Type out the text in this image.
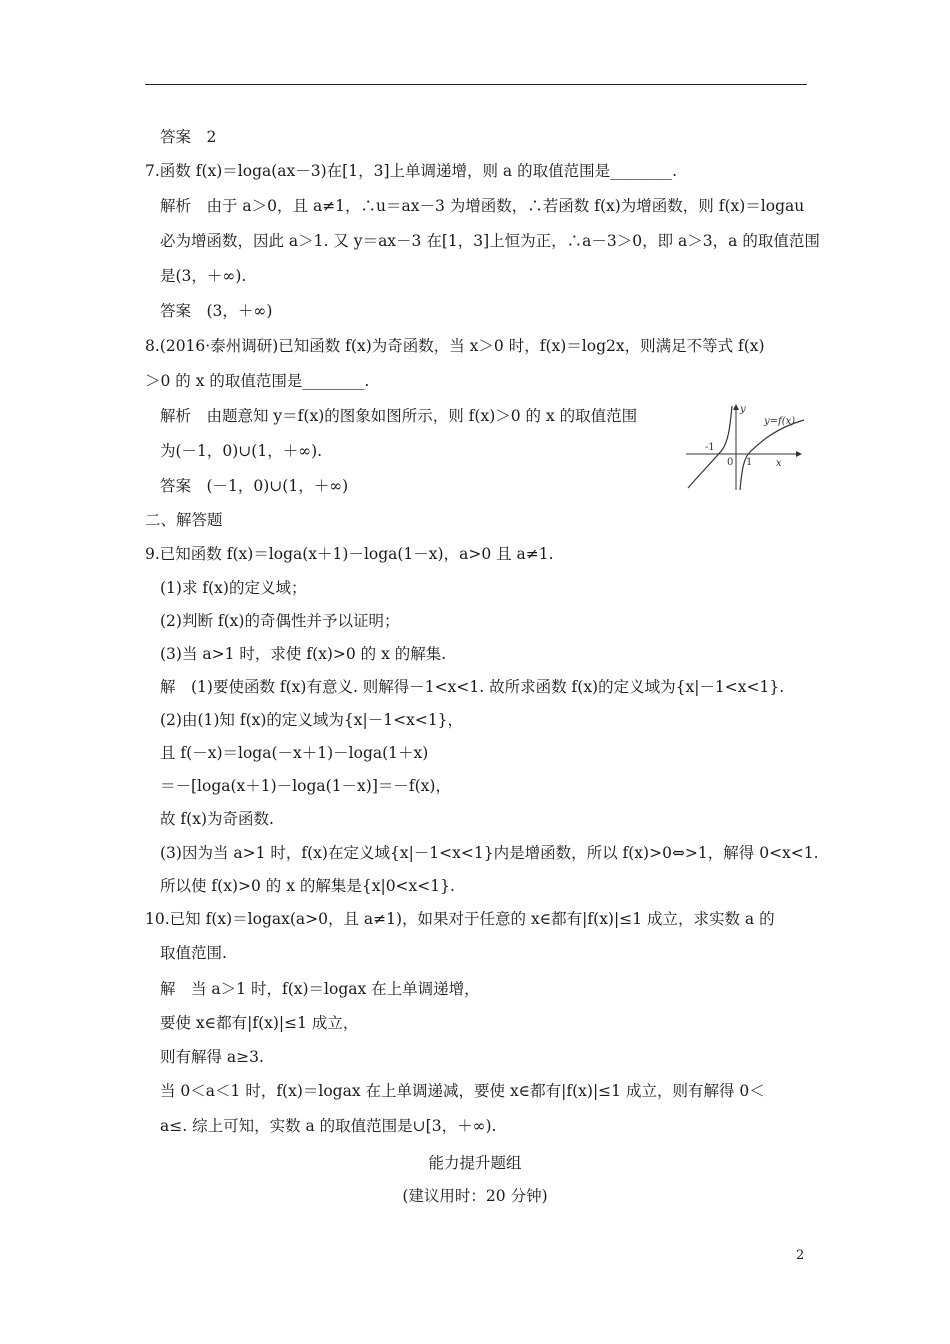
答案　2
7.函数 f(x)＝loga(ax－3)在[1，3]上单调递增，则 a 的取值范围是________.
解析　由于 a＞0，且 a≠1，∴u＝ax－3 为增函数，∴若函数 f(x)为增函数，则 f(x)＝logau
必为增函数，因此 a＞1. 又 y＝ax－3 在[1，3]上恒为正，∴a－3＞0，即 a＞3，a 的取值范围
是(3，＋∞).
答案　(3，＋∞)
8.(2016·泰州调研)已知函数 f(x)为奇函数，当 x＞0 时，f(x)＝log2x，则满足不等式 f(x)
＞0 的 x 的取值范围是________.
解析　由题意知 y＝f(x)的图象如图所示，则 f(x)＞0 的 x 的取值范围
为(－1，0)∪(1，＋∞).
答案　(－1，0)∪(1，＋∞)
二、解答题
9.已知函数 f(x)＝loga(x＋1)－loga(1－x)，a>0 且 a≠1.
(1)求 f(x)的定义域；
(2)判断 f(x)的奇偶性并予以证明；
(3)当 a>1 时，求使 f(x)>0 的 x 的解集.
解　(1)要使函数 f(x)有意义. 则解得－1<x<1. 故所求函数 f(x)的定义域为{x|－1<x<1}.
(2)由(1)知 f(x)的定义域为{x|－1<x<1}，
且 f(－x)＝loga(－x＋1)－loga(1＋x)
＝－[loga(x＋1)－loga(1－x)]＝－f(x)，
故 f(x)为奇函数.
(3)因为当 a>1 时，f(x)在定义域{x|－1<x<1}内是增函数，所以 f(x)>0⇔>1，解得 0<x<1.
所以使 f(x)>0 的 x 的解集是{x|0<x<1}.
10.已知 f(x)＝logax(a>0，且 a≠1)，如果对于任意的 x∈都有|f(x)|≤1 成立，求实数 a 的
取值范围.
解　当 a＞1 时，f(x)＝logax 在上单调递增，
要使 x∈都有|f(x)|≤1 成立，
则有解得 a≥3.
当 0＜a＜1 时，f(x)＝logax 在上单调递减，要使 x∈都有|f(x)|≤1 成立，则有解得 0＜
a≤. 综上可知，实数 a 的取值范围是∪[3，＋∞).
能力提升题组
(建议用时：20 分钟)
y
x
y=f(x)
-1
0 1
2
